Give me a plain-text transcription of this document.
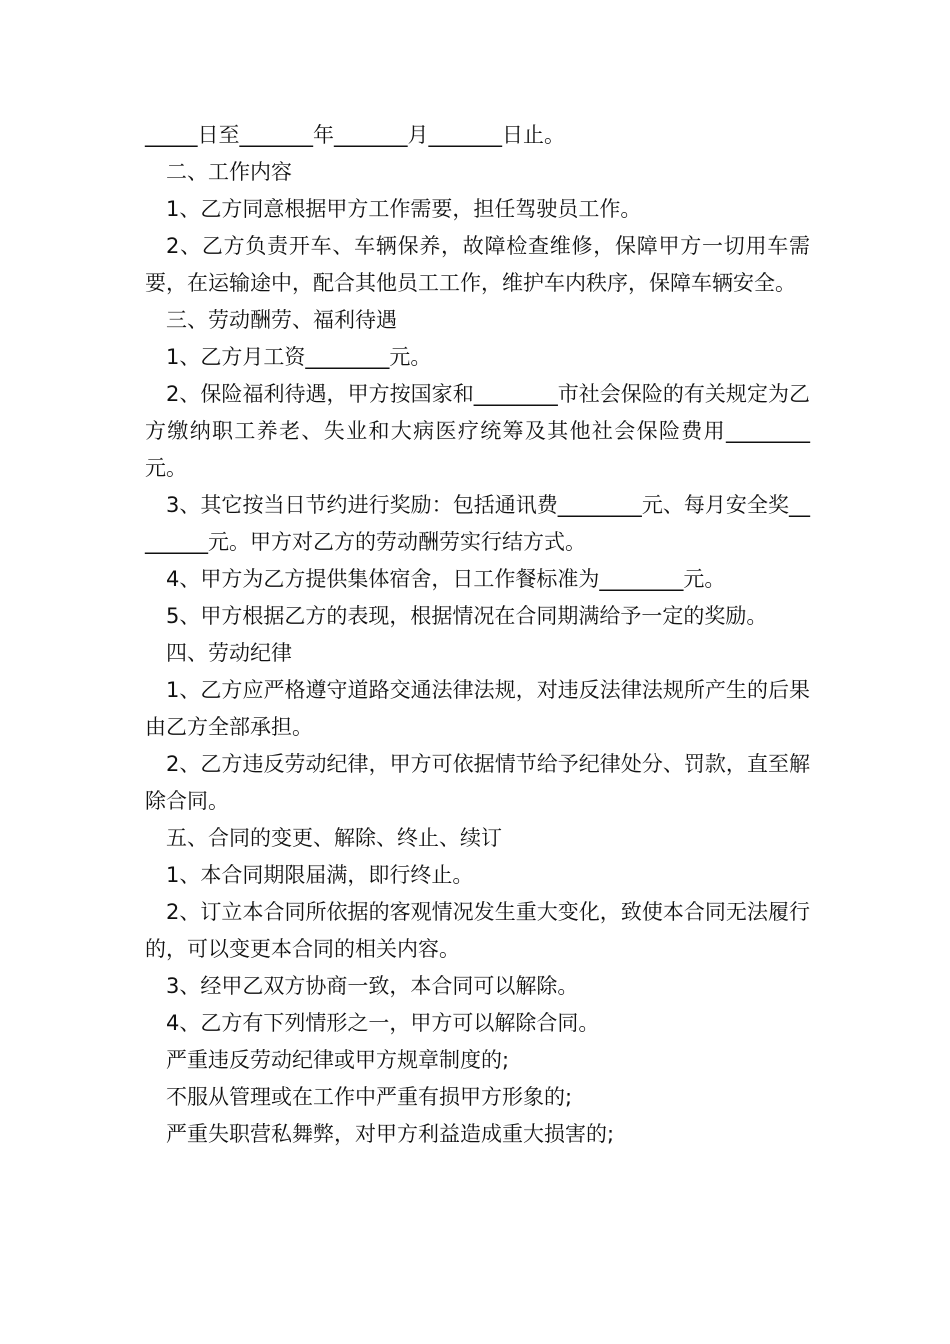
_____日至_______年_______月_______日止。

二、工作内容

1、乙方同意根据甲方工作需要，担任驾驶员工作。

2、乙方负责开车、车辆保养，故障检查维修，保障甲方一切用车需要，在运输途中，配合其他员工工作，维护车内秩序，保障车辆安全。

三、劳动酬劳、福利待遇

1、乙方月工资________元。

2、保险福利待遇，甲方按国家和________市社会保险的有关规定为乙方缴纳职工养老、失业和大病医疗统筹及其他社会保险费用________元。

3、其它按当日节约进行奖励：包括通讯费________元、每月安全奖________元。甲方对乙方的劳动酬劳实行结方式。

4、甲方为乙方提供集体宿舍，日工作餐标准为________元。

5、甲方根据乙方的表现，根据情况在合同期满给予一定的奖励。

四、劳动纪律

1、乙方应严格遵守道路交通法律法规，对违反法律法规所产生的后果由乙方全部承担。

2、乙方违反劳动纪律，甲方可依据情节给予纪律处分、罚款，直至解除合同。

五、合同的变更、解除、终止、续订

1、本合同期限届满，即行终止。

2、订立本合同所依据的客观情况发生重大变化，致使本合同无法履行的，可以变更本合同的相关内容。

3、经甲乙双方协商一致，本合同可以解除。

4、乙方有下列情形之一，甲方可以解除合同。

严重违反劳动纪律或甲方规章制度的;

不服从管理或在工作中严重有损甲方形象的;

严重失职营私舞弊，对甲方利益造成重大损害的;
